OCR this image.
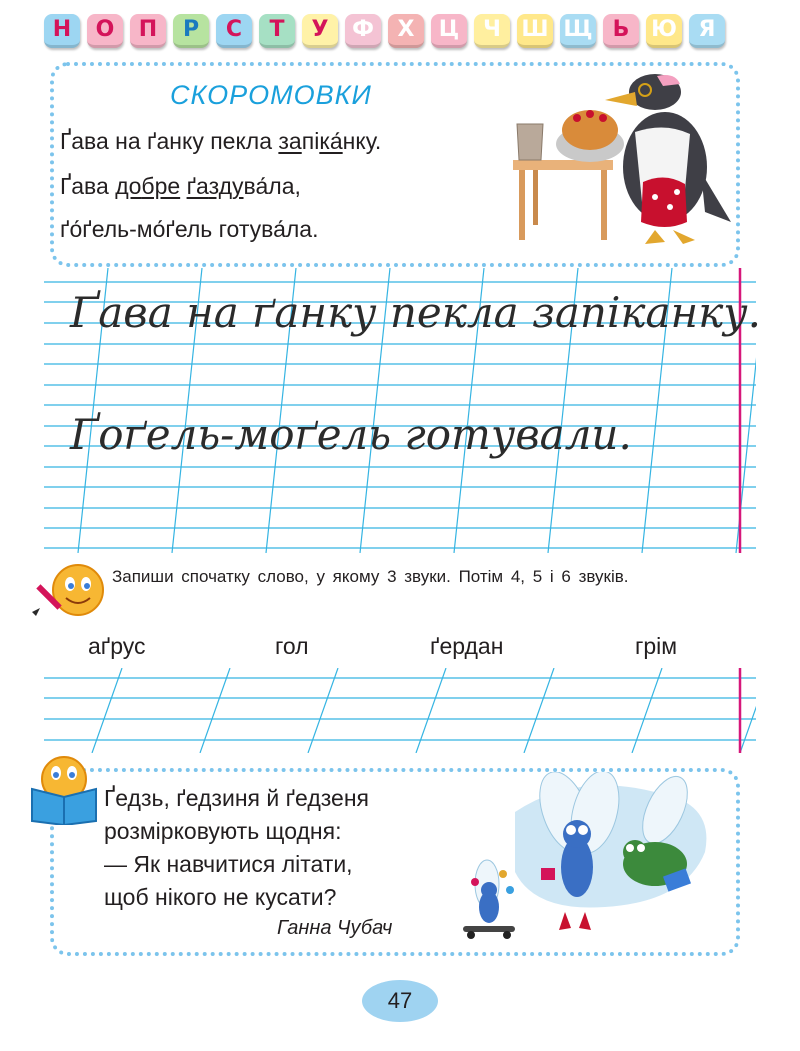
Н	О	П	Р	С	Т	У	Ф	Х	Ц	Ч Ш Щ Ь Ю Я
СКОРОМОВКИ
Ґава на ґанку пекла запіка́нку.
Ґава добре ґаздува́ла,
ґо́ґель-мо́ґель готува́ла.
Ґава на ґанку пекла запіканку.
Ґоґель-моґель готували.
Запиши спочатку слово, у якому 3 звуки. Потім 4, 5 і 6 звуків.
аґрус	гол	ґердан	грім
Ґедзь, ґедзиня й ґедзеня
розмірковують щодня:
— Як навчитися літати,
щоб нікого не кусати?
Ганна Чубач
47
